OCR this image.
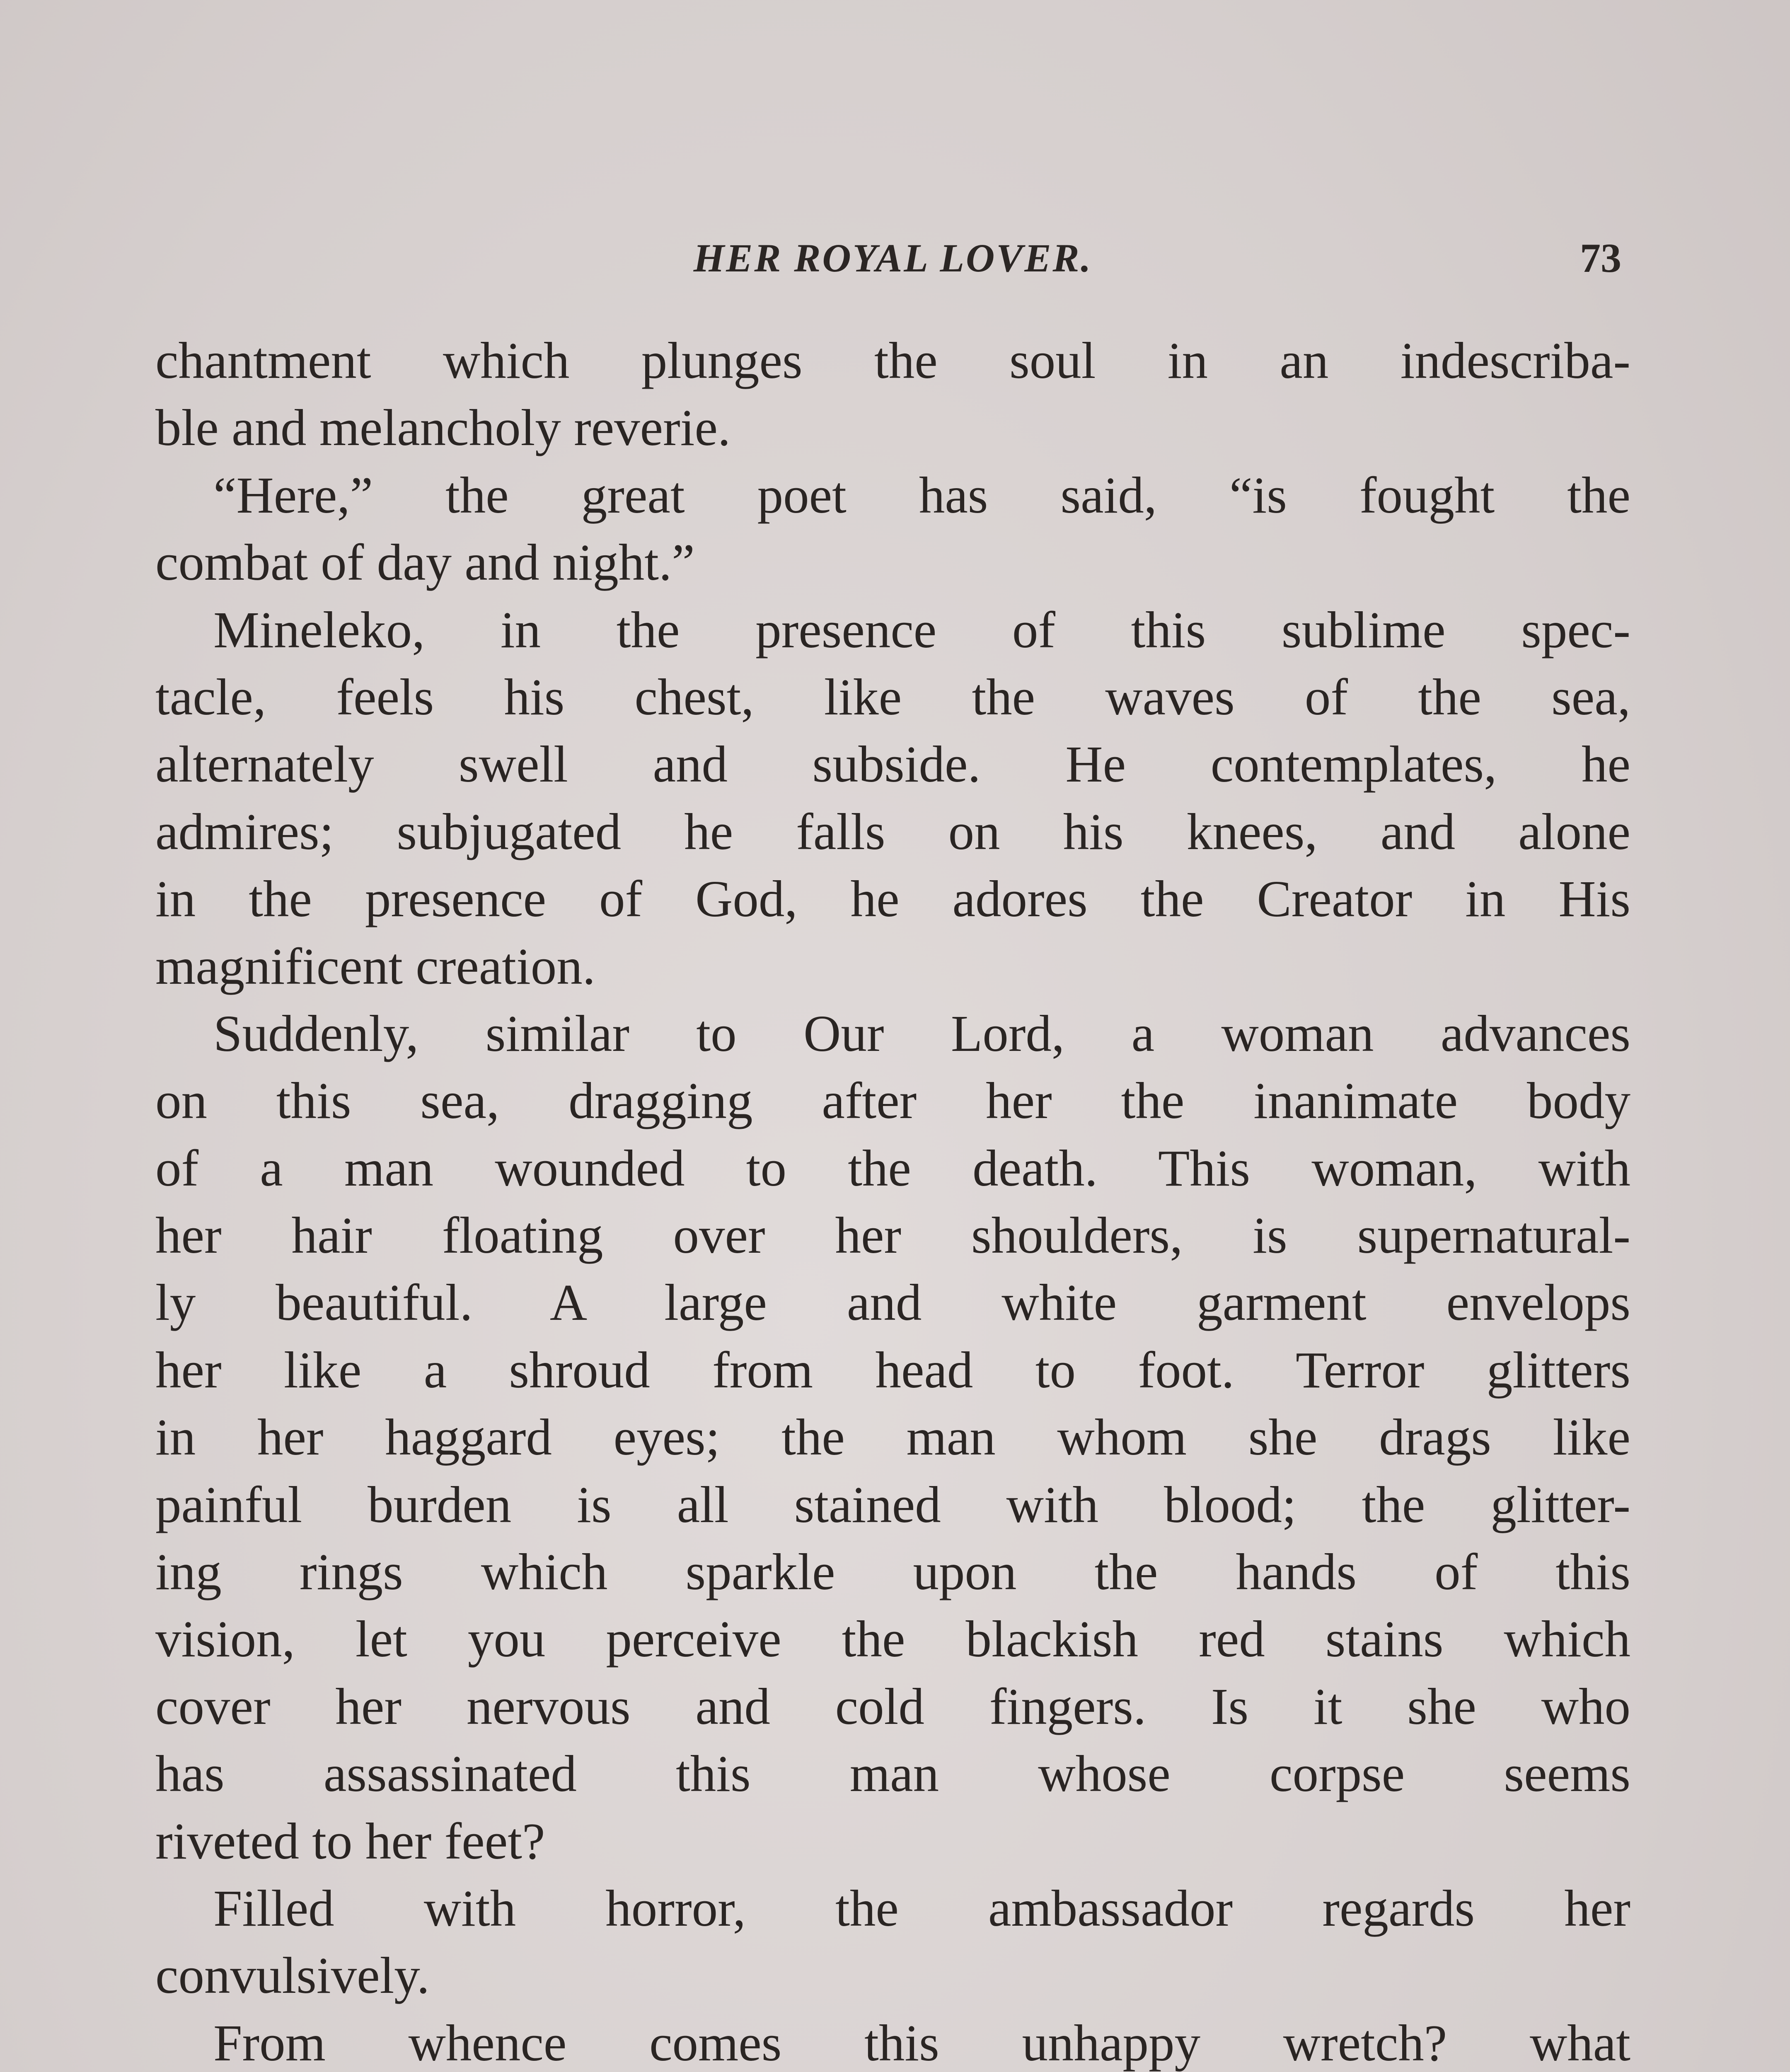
HER ROYAL LOVER.	73
chantment which plunges the soul in an indescriba-
ble and melancholy reverie.
“Here,” the great poet has said, “is fought the
combat of day and night.”
Mineleko, in the presence of this sublime spec-
tacle, feels his chest, like the waves of the sea,
alternately swell and subside. He contemplates, he
admires; subjugated he falls on his knees, and alone
in the presence of God, he adores the Creator in His
magnificent creation.
Suddenly, similar to Our Lord, a woman advances
on this sea, dragging after her the inanimate body
of a man wounded to the death. This woman, with
her hair floating over her shoulders, is supernatural-
ly beautiful. A large and white garment envelops
her like a shroud from head to foot. Terror glitters
in her haggard eyes; the man whom she drags like
painful burden is all stained with blood; the glitter-
ing rings which sparkle upon the hands of this
vision, let you perceive the blackish red stains which
cover her nervous and cold fingers. Is it she who
has assassinated this man whose corpse seems
riveted to her feet?
Filled with horror, the ambassador regards her
convulsively.
From whence comes this unhappy wretch? what
